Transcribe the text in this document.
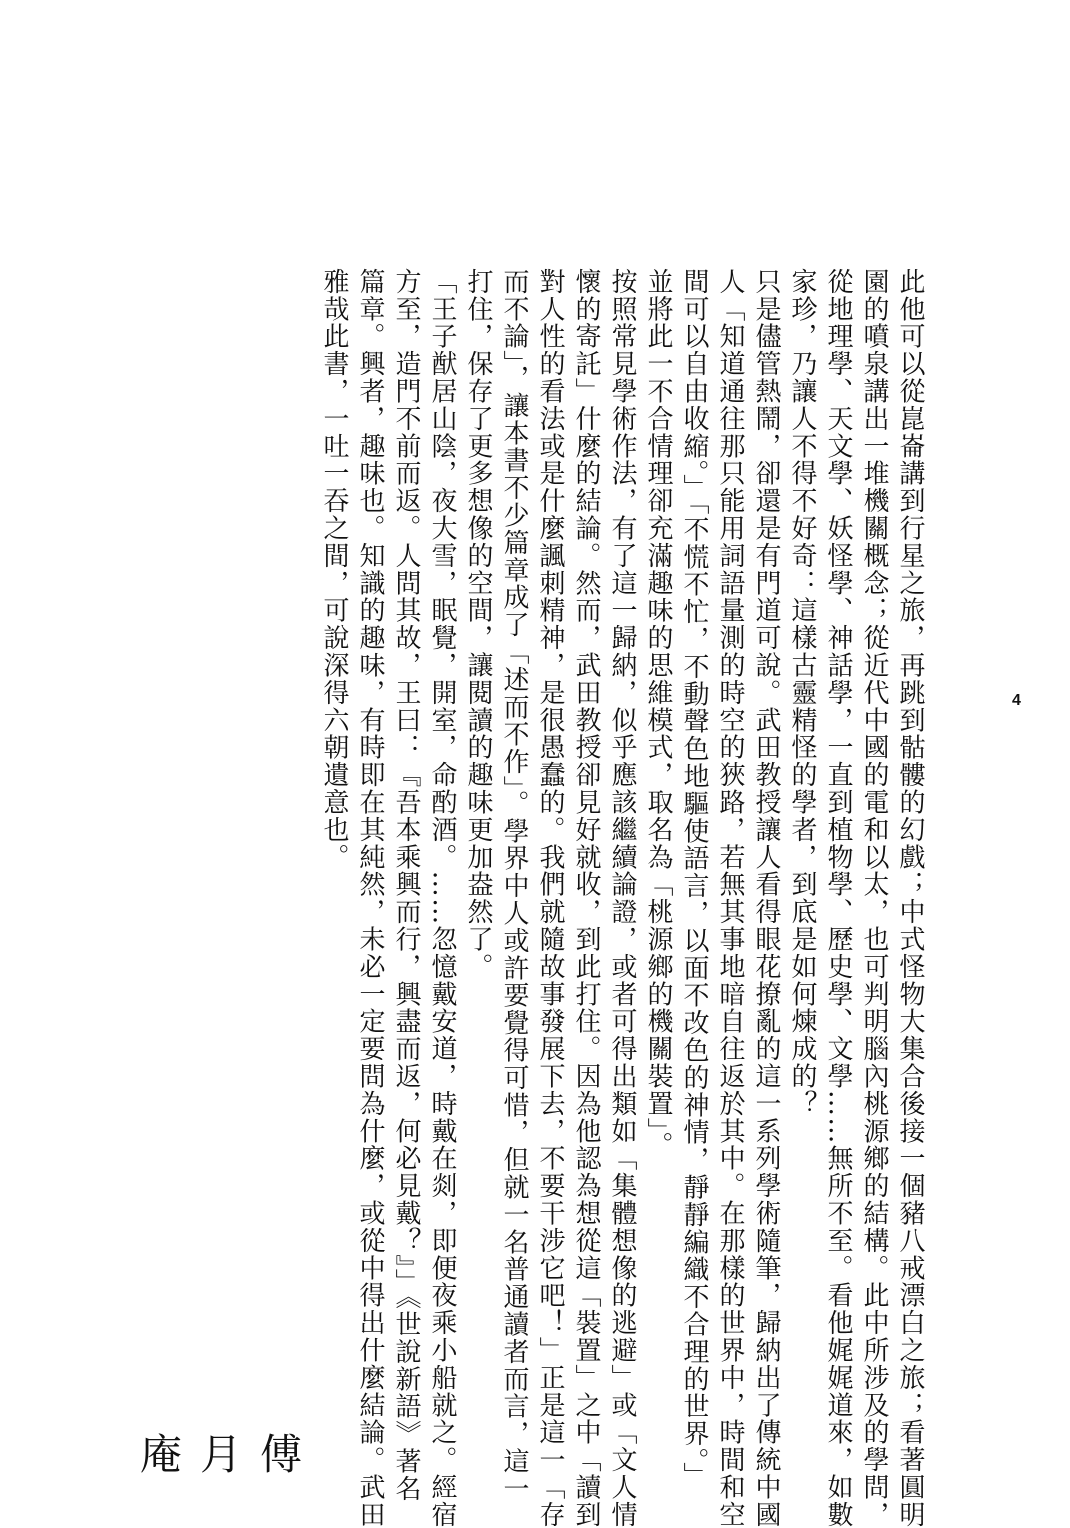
4
此他可以從崑崙講到行星之旅，再跳到骷髏的幻戲；中式怪物大集合後接一個豬八戒漂白之旅；看著圓明
園的噴泉講出一堆機關概念；從近代中國的電和以太，也可判明腦內桃源鄉的結構。此中所涉及的學問，
從地理學、天文學、妖怪學、神話學，一直到植物學、歷史學、文學……無所不至。看他娓娓道來，如數
家珍，乃讓人不得不好奇：這樣古靈精怪的學者，到底是如何煉成的？
只是儘管熱鬧，卻還是有門道可說。武田教授讓人看得眼花撩亂的這一系列學術隨筆，歸納出了傳統中國
人「知道通往那只能用詞語量測的時空的狹路，若無其事地暗自往返於其中。在那樣的世界中，時間和空
間可以自由收縮。」「不慌不忙，不動聲色地驅使語言，以面不改色的神情，靜靜編織不合理的世界。」
並將此一不合情理卻充滿趣味的思維模式，取名為「桃源鄉的機關裝置」。
按照常見學術作法，有了這一歸納，似乎應該繼續論證，或者可得出類如「集體想像的逃避」或「文人情
懷的寄託」什麼的結論。然而，武田教授卻見好就收，到此打住。因為他認為想從這「裝置」之中「讀到
對人性的看法或是什麼諷刺精神，是很愚蠢的。我們就隨故事發展下去，不要干涉它吧！」正是這一「存
而不論」，讓本書不少篇章成了「述而不作」。學界中人或許要覺得可惜，但就一名普通讀者而言，這一
打住，保存了更多想像的空間，讓閱讀的趣味更加盎然了。
「王子猷居山陰，夜大雪，眠覺，開室，命酌酒。……忽憶戴安道，時戴在剡，即便夜乘小船就之。經宿
方至，造門不前而返。人問其故，王曰：『吾本乘興而行，興盡而返，何必見戴？』」《世說新語》著名
篇章。興者，趣味也。知識的趣味，有時即在其純然，未必一定要問為什麼，或從中得出什麼結論。武田
雅哉此書，一吐一吞之間，可說深得六朝遺意也。
傅月庵
